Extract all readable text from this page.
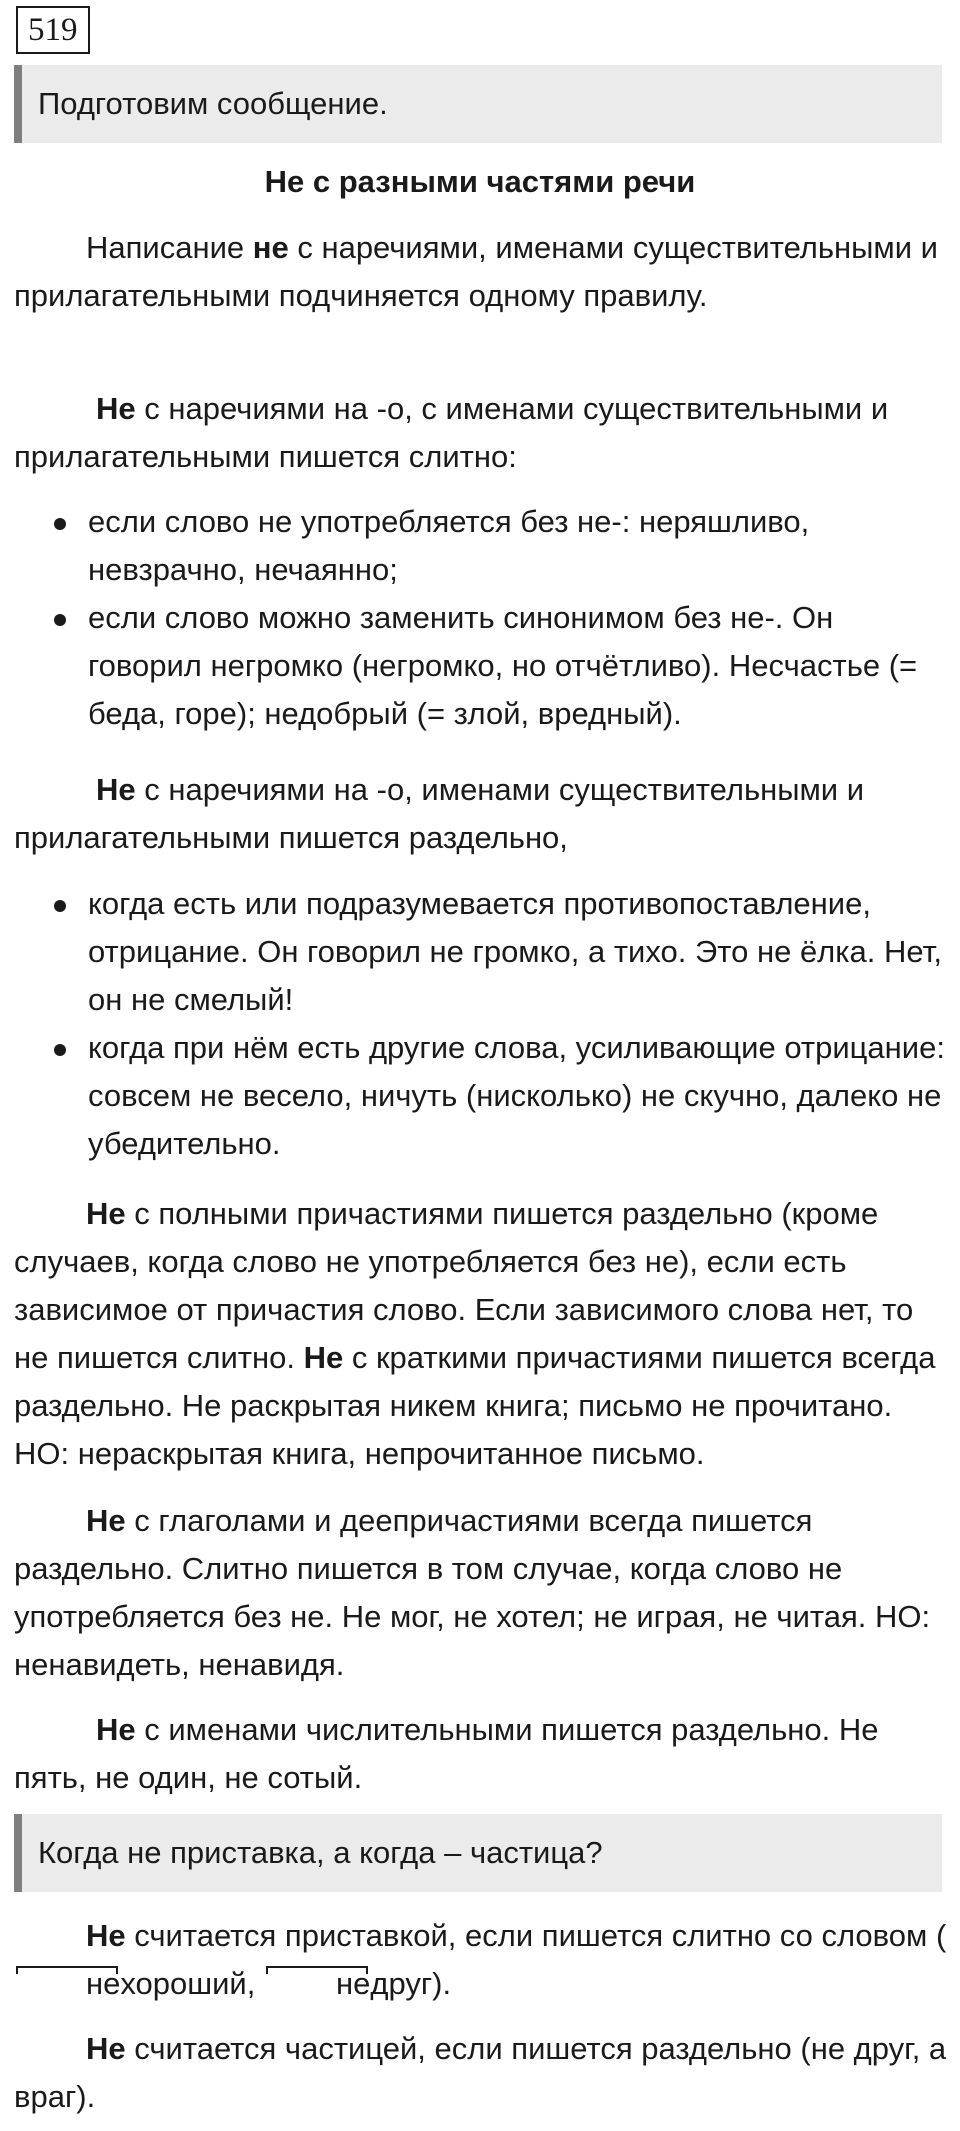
519
Подготовим сообщение.
Не с разными частями речи

Написание не с наречиями, именами существительными и прилагательными подчиняется одному правилу.

Не с наречиями на -о, с именами существительными и прилагательными пишется слитно:

если слово не употребляется без не-: неряшливо, невзрачно, нечаянно;
если слово можно заменить синонимом без не-. Он говорил негромко (негромко, но отчётливо). Несчастье (= беда, горе); недобрый (= злой, вредный).

Не с наречиями на -о, именами существительными и прилагательными пишется раздельно,

когда есть или подразумевается противопоставление, отрицание. Он говорил не громко, а тихо. Это не ёлка. Нет, он не смелый!
когда при нём есть другие слова, усиливающие отрицание: совсем не весело, ничуть (нисколько) не скучно, далеко не убедительно.

Не с полными причастиями пишется раздельно (кроме случаев, когда слово не употребляется без не), если есть зависимое от причастия слово. Если зависимого слова нет, то не пишется слитно. Не с краткими причастиями пишется всегда раздельно. Не раскрытая никем книга; письмо не прочитано. НО: нераскрытая книга, непрочитанное письмо.

Не с глаголами и деепричастиями всегда пишется раздельно. Слитно пишется в том случае, когда слово не употребляется без не. Не мог, не хотел; не играя, не читая. НО: ненавидеть, ненавидя.

Не с именами числительными пишется раздельно. Не пять, не один, не сотый.

Когда не приставка, а когда – частица?

Не считается приставкой, если пишется слитно со словом (нехороший, недруг).

Не считается частицей, если пишется раздельно (не друг, а враг).
